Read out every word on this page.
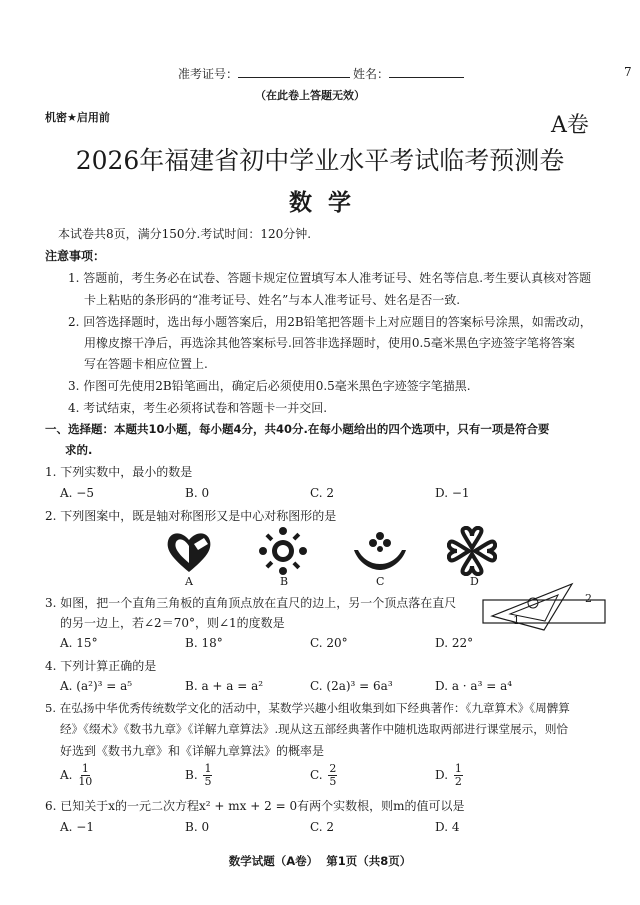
准考证号：	姓名：	7
（在此卷上答题无效）
机密★启用前	A卷
2026年福建省初中学业水平考试临考预测卷
数  学
本试卷共8页，满分150分.考试时间：120分钟.
注意事项：
1. 答题前，考生务必在试卷、答题卡规定位置填写本人准考证号、姓名等信息.考生要认真核对答题
卡上粘贴的条形码的“准考证号、姓名”与本人准考证号、姓名是否一致.
2. 回答选择题时，选出每小题答案后，用2B铅笔把答题卡上对应题目的答案标号涂黑，如需改动，
用橡皮擦干净后，再选涂其他答案标号.回答非选择题时，使用0.5毫米黑色字迹签字笔将答案
写在答题卡相应位置上.
3. 作图可先使用2B铅笔画出，确定后必须使用0.5毫米黑色字迹签字笔描黑.
4. 考试结束，考生必须将试卷和答题卡一并交回.
一、选择题：本题共10小题，每小题4分，共40分.在每小题给出的四个选项中，只有一项是符合要
求的.
1. 下列实数中，最小的数是
A. −5	B. 0	C. 2	D. −1
2. 下列图案中，既是轴对称图形又是中心对称图形的是
A	B	C	D
3. 如图，把一个直角三角板的直角顶点放在直尺的边上，另一个顶点落在直尺
的另一边上，若∠2＝70°，则∠1的度数是
2
1
A. 15°	B. 18°	C. 20°	D. 22°
4. 下列计算正确的是
A. (a²)³ = a⁵	B. a + a = a²	C. (2a)³ = 6a³	D. a · a³ = a⁴
5. 在弘扬中华优秀传统数学文化的活动中，某数学兴趣小组收集到如下经典著作：《九章算术》《周髀算
经》《缀术》《数书九章》《详解九章算法》.现从这五部经典著作中随机选取两部进行课堂展示，则恰
好选到《数书九章》和《详解九章算法》的概率是
A. $\frac{1}{10}$	B. $\frac{1}{5}$	C. $\frac{2}{5}$	D. $\frac{1}{2}$
6. 已知关于x的一元二次方程x² + mx + 2 = 0有两个实数根，则m的值可以是
A. −1	B. 0	C. 2	D. 4
数学试题（A卷）  第1页（共8页）
